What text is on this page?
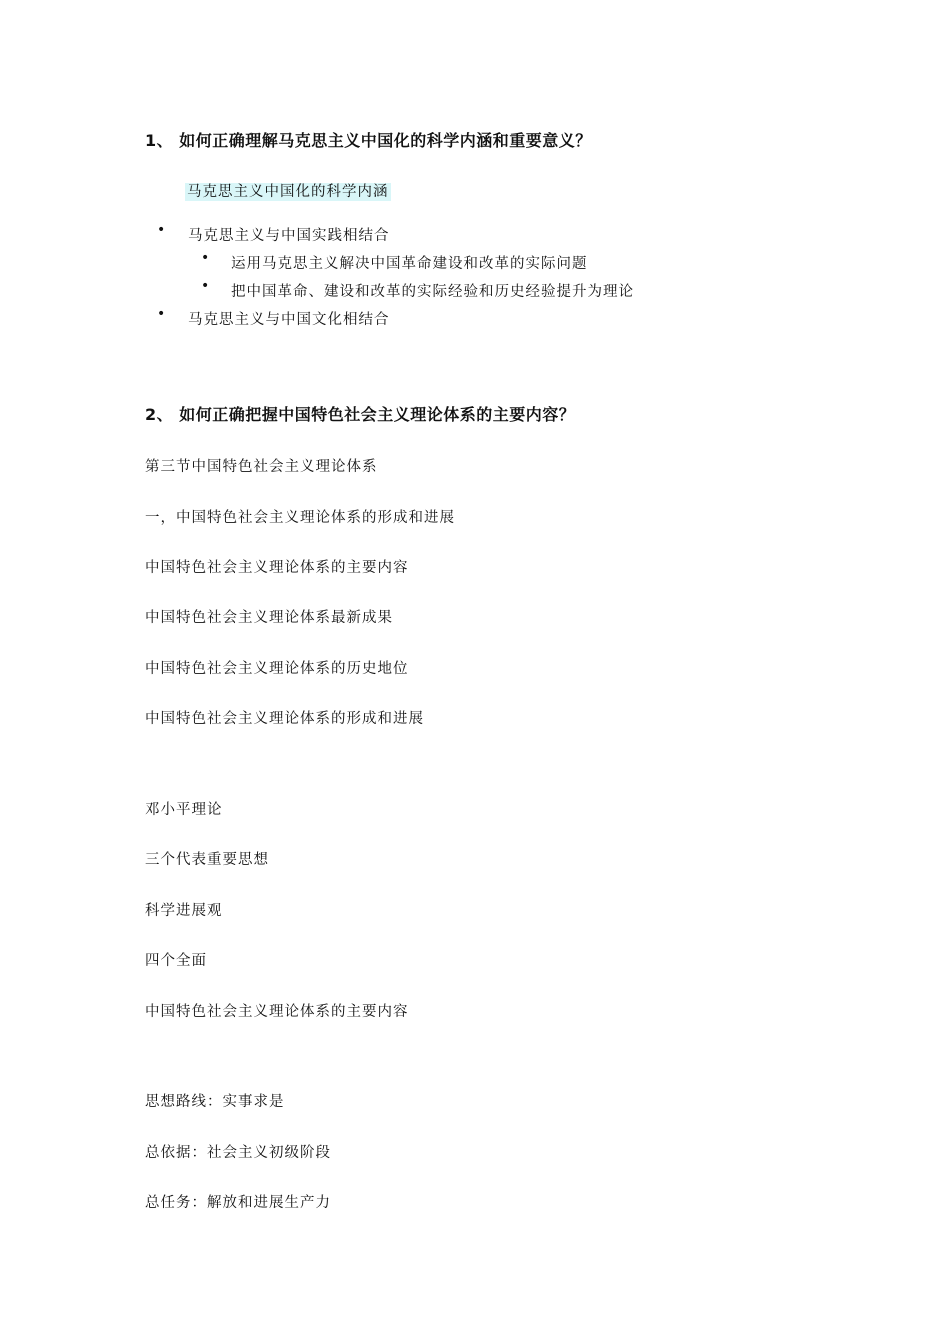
1、 如何正确理解马克思主义中国化的科学内涵和重要意义？
马克思主义中国化的科学内涵
• 马克思主义与中国实践相结合
• 运用马克思主义解决中国革命建设和改革的实际问题
• 把中国革命、建设和改革的实际经验和历史经验提升为理论
• 马克思主义与中国文化相结合
2、 如何正确把握中国特色社会主义理论体系的主要内容？
第三节中国特色社会主义理论体系
一，中国特色社会主义理论体系的形成和进展
中国特色社会主义理论体系的主要内容
中国特色社会主义理论体系最新成果
中国特色社会主义理论体系的历史地位
中国特色社会主义理论体系的形成和进展
邓小平理论
三个代表重要思想
科学进展观
四个全面
中国特色社会主义理论体系的主要内容
思想路线：实事求是
总依据：社会主义初级阶段
总任务：解放和进展生产力
